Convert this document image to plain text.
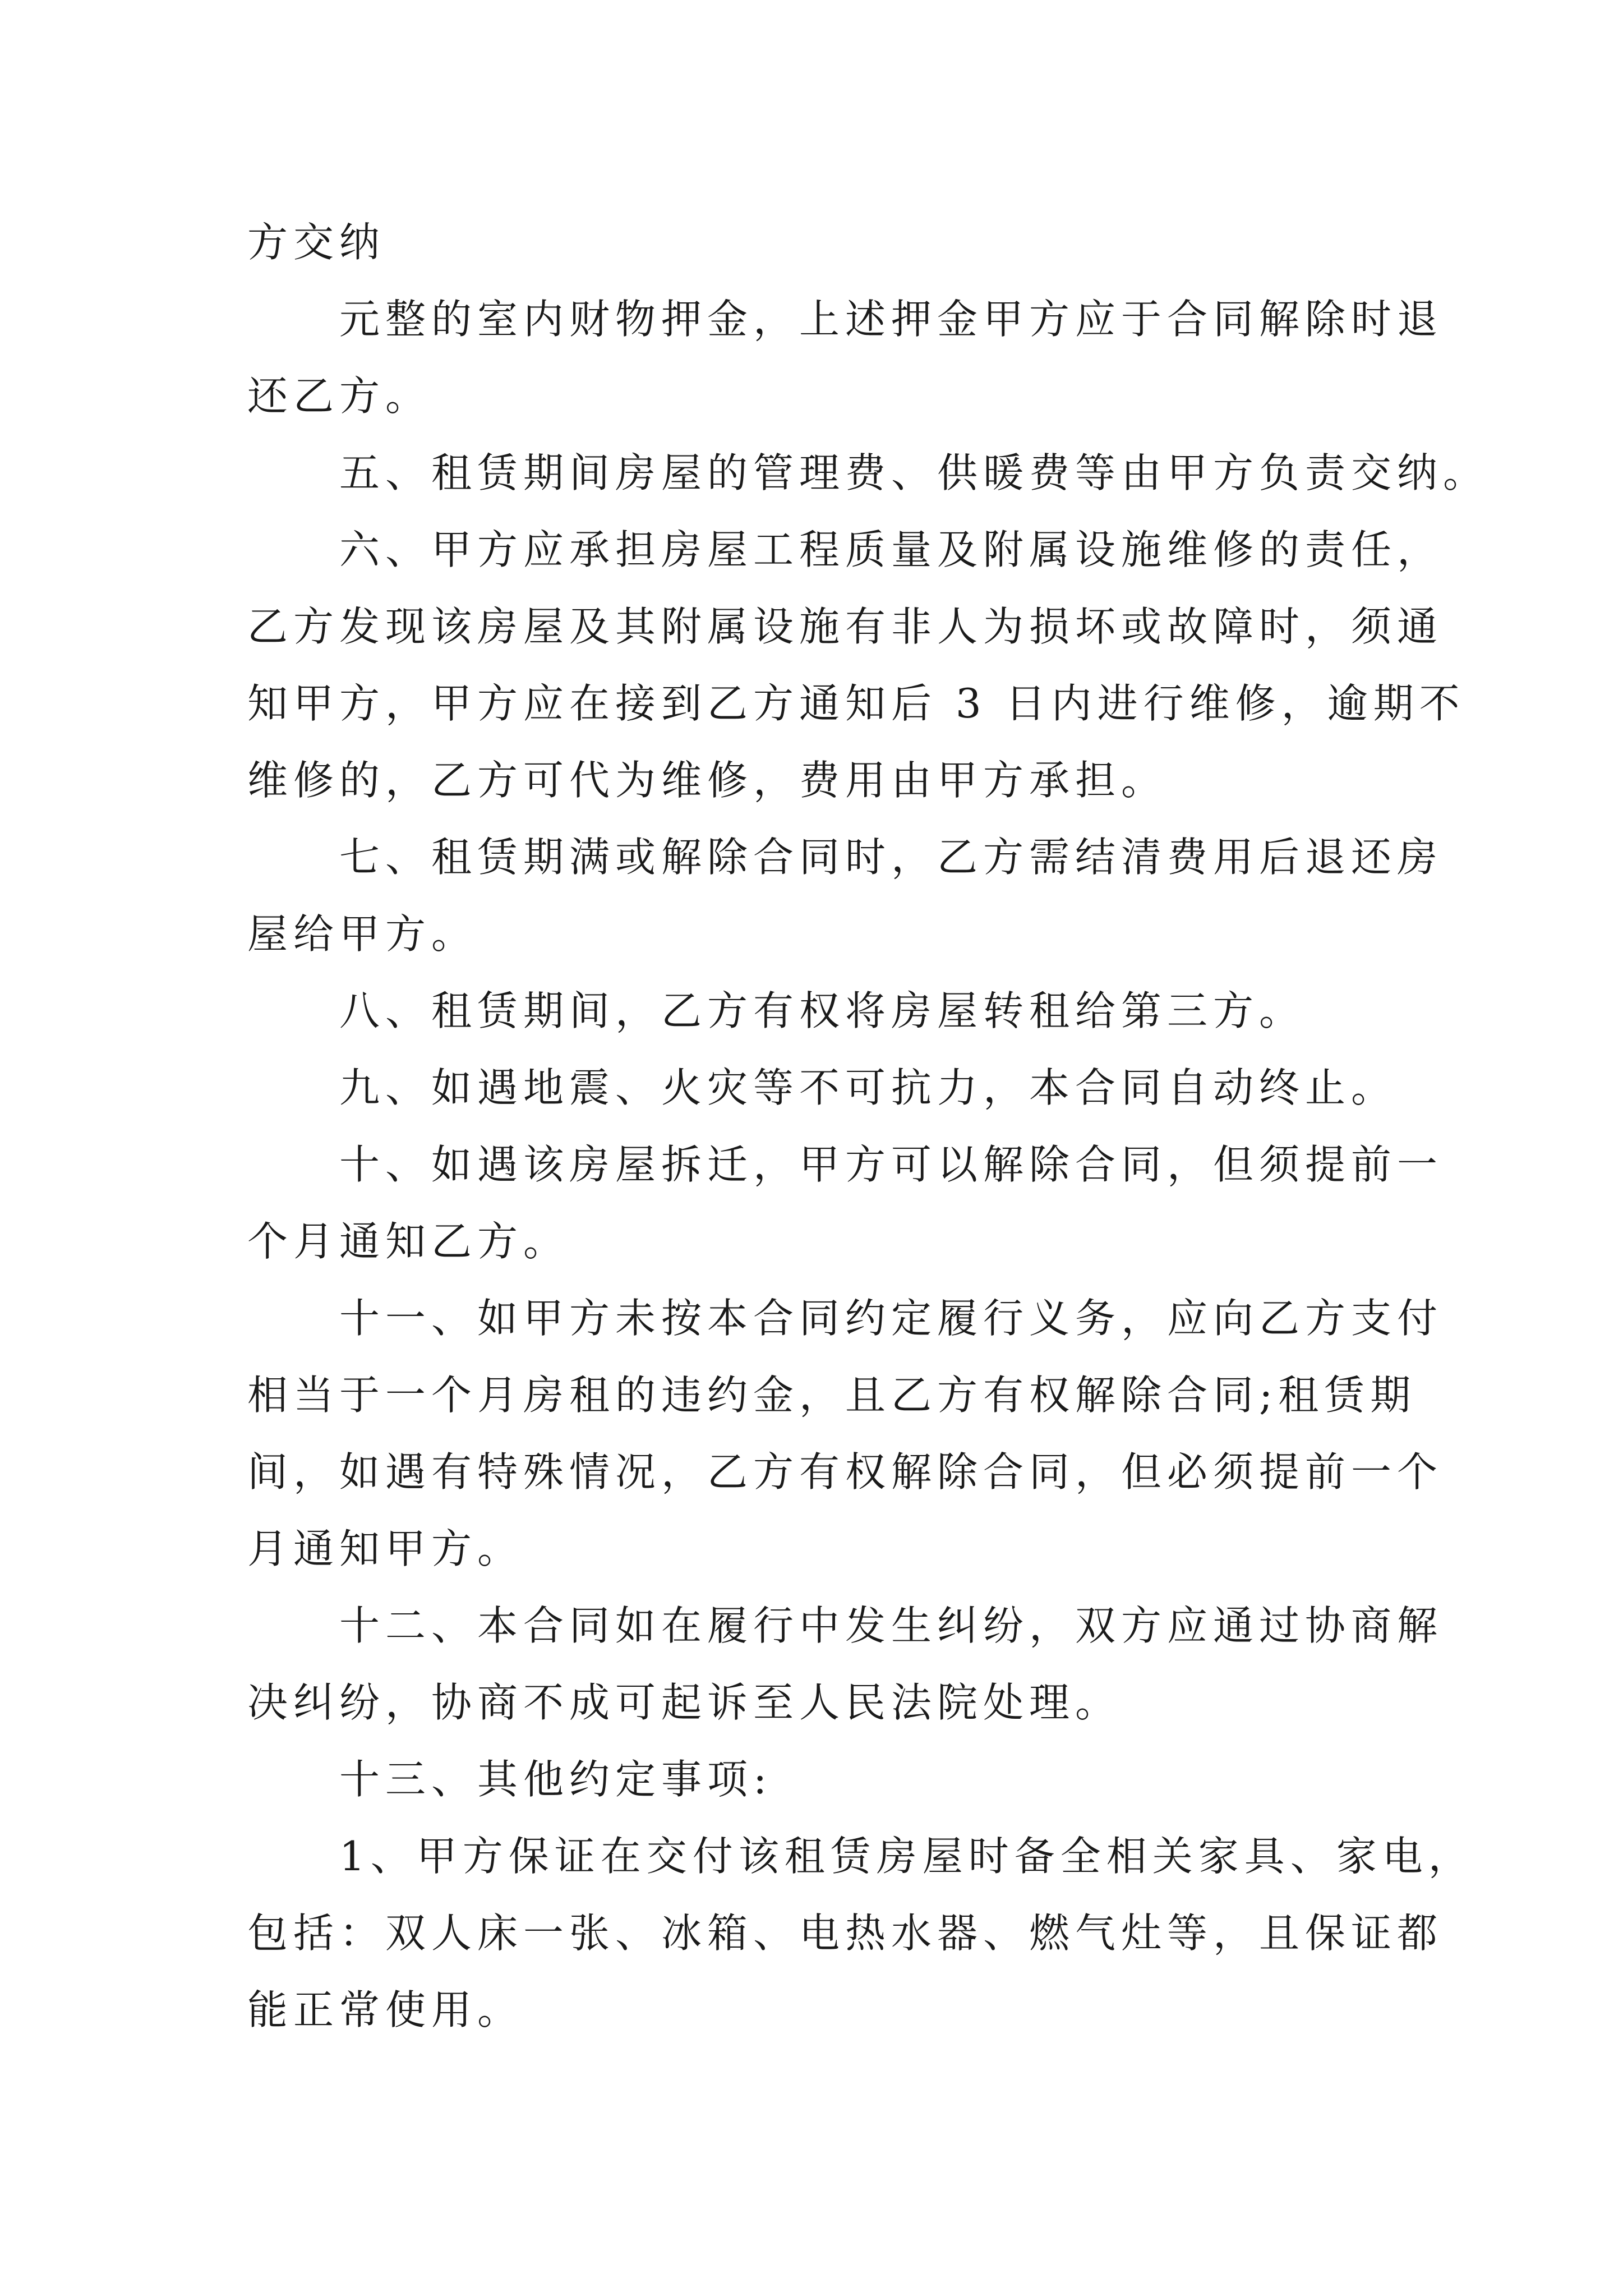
方交纳
元整的室内财物押金，上述押金甲方应于合同解除时退
还乙方。
五、租赁期间房屋的管理费、供暖费等由甲方负责交纳。
六、甲方应承担房屋工程质量及附属设施维修的责任，
乙方发现该房屋及其附属设施有非人为损坏或故障时，须通
知甲方，甲方应在接到乙方通知后 3 日内进行维修，逾期不
维修的，乙方可代为维修，费用由甲方承担。
七、租赁期满或解除合同时，乙方需结清费用后退还房
屋给甲方。
八、租赁期间，乙方有权将房屋转租给第三方。
九、如遇地震、火灾等不可抗力，本合同自动终止。
十、如遇该房屋拆迁，甲方可以解除合同，但须提前一
个月通知乙方。
十一、如甲方未按本合同约定履行义务，应向乙方支付
相当于一个月房租的违约金，且乙方有权解除合同;租赁期
间，如遇有特殊情况，乙方有权解除合同，但必须提前一个
月通知甲方。
十二、本合同如在履行中发生纠纷，双方应通过协商解
决纠纷，协商不成可起诉至人民法院处理。
十三、其他约定事项:
1、甲方保证在交付该租赁房屋时备全相关家具、家电，
包括：双人床一张、冰箱、电热水器、燃气灶等，且保证都
能正常使用。
